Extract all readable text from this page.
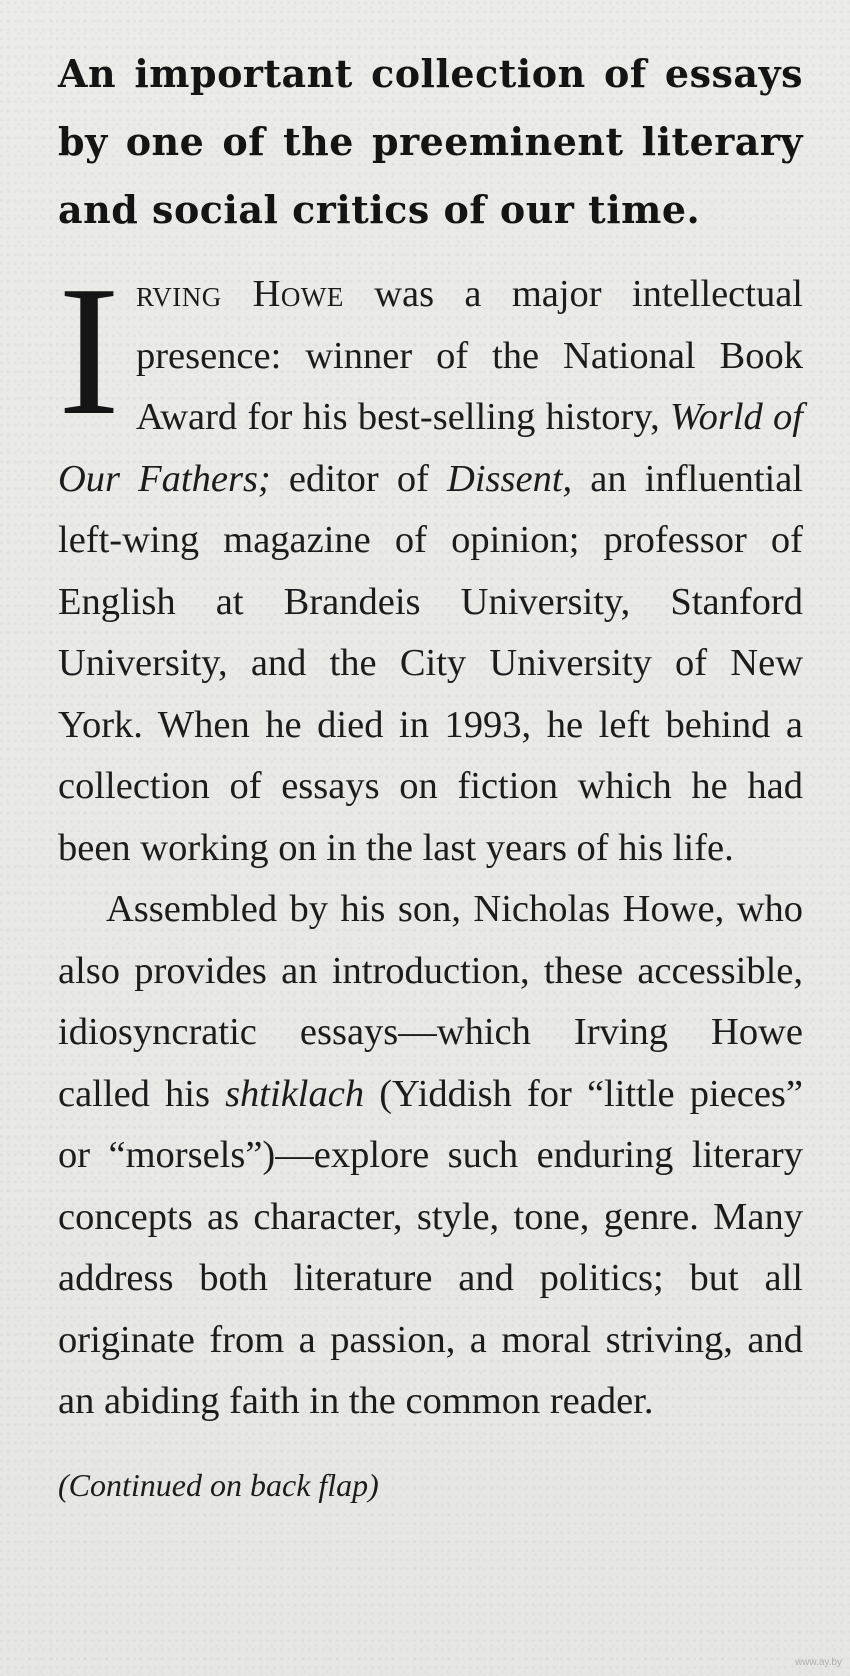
An important collection of essays by one of the preeminent literary and social critics of our time.

Irving Howe was a major intellectual presence: winner of the National Book Award for his best-selling history, World of Our Fathers; editor of Dissent, an influential left-wing magazine of opinion; professor of English at Brandeis University, Stanford University, and the City University of New York. When he died in 1993, he left behind a collection of essays on fiction which he had been working on in the last years of his life.

Assembled by his son, Nicholas Howe, who also provides an introduction, these accessible, idiosyncratic essays—which Irving Howe called his shtiklach (Yiddish for “little pieces” or “morsels”)—explore such enduring literary concepts as character, style, tone, genre. Many address both literature and politics; but all originate from a passion, a moral striving, and an abiding faith in the common reader.

(Continued on back flap)
www.ay.by
